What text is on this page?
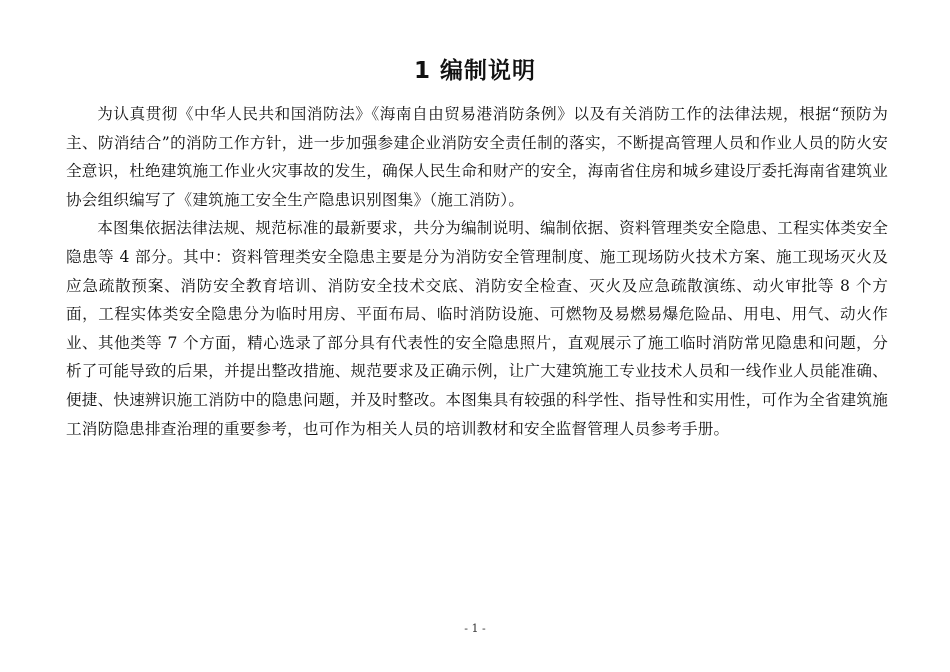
1 编制说明

为认真贯彻《中华人民共和国消防法》《海南自由贸易港消防条例》以及有关消防工作的法律法规，根据“预防为主、防消结合”的消防工作方针，进一步加强参建企业消防安全责任制的落实，不断提高管理人员和作业人员的防火安全意识，杜绝建筑施工作业火灾事故的发生，确保人民生命和财产的安全，海南省住房和城乡建设厅委托海南省建筑业协会组织编写了《建筑施工安全生产隐患识别图集》（施工消防）。

本图集依据法律法规、规范标准的最新要求，共分为编制说明、编制依据、资料管理类安全隐患、工程实体类安全隐患等 4 部分。其中：资料管理类安全隐患主要是分为消防安全管理制度、施工现场防火技术方案、施工现场灭火及应急疏散预案、消防安全教育培训、消防安全技术交底、消防安全检查、灭火及应急疏散演练、动火审批等 8 个方面，工程实体类安全隐患分为临时用房、平面布局、临时消防设施、可燃物及易燃易爆危险品、用电、用气、动火作业、其他类等 7 个方面，精心选录了部分具有代表性的安全隐患照片，直观展示了施工临时消防常见隐患和问题，分析了可能导致的后果，并提出整改措施、规范要求及正确示例，让广大建筑施工专业技术人员和一线作业人员能准确、便捷、快速辨识施工消防中的隐患问题，并及时整改。本图集具有较强的科学性、指导性和实用性，可作为全省建筑施工消防隐患排查治理的重要参考，也可作为相关人员的培训教材和安全监督管理人员参考手册。

- 1 -
